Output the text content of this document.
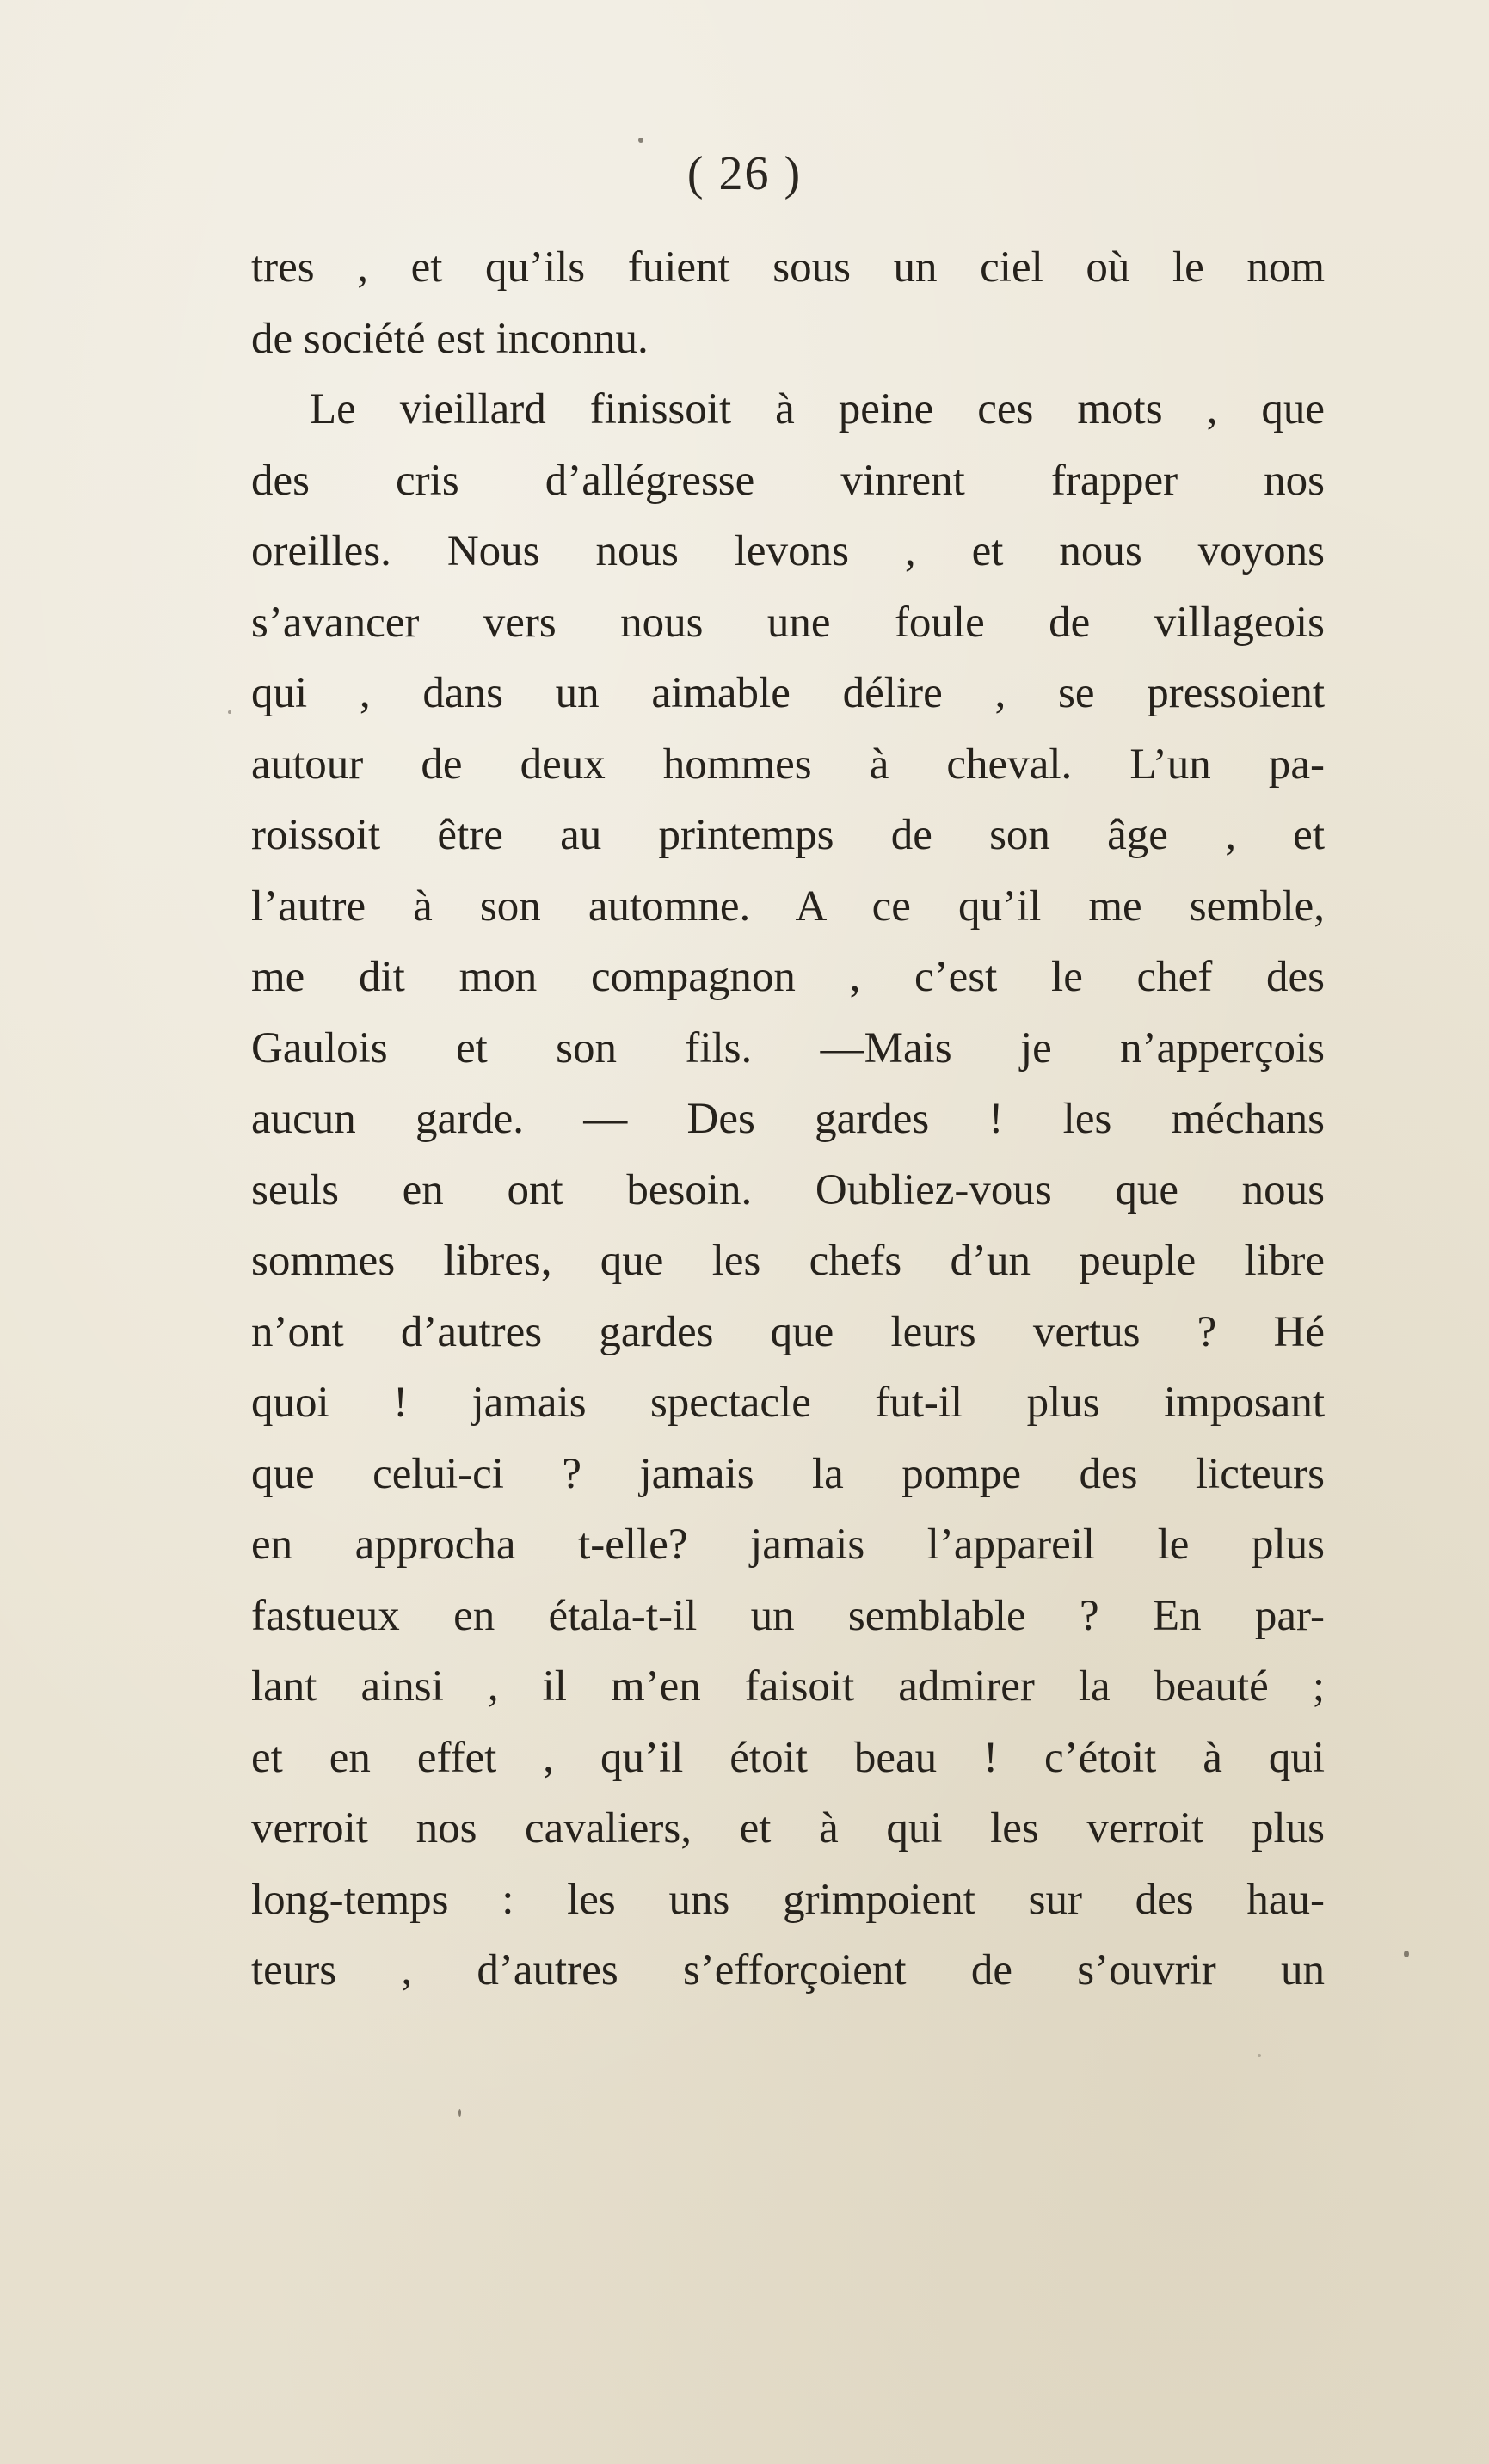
( 26 )
tres , et qu’ils fuient sous un ciel où le nom
de société est inconnu.
Le vieillard finissoit à peine ces mots , que
des cris d’allégresse vinrent frapper nos
oreilles. Nous nous levons , et nous voyons
s’avancer vers nous une foule de villageois
qui , dans un aimable délire , se pressoient
autour de deux hommes à cheval. L’un pa-
roissoit être au printemps de son âge , et
l’autre à son automne. A ce qu’il me semble,
me dit mon compagnon , c’est le chef des
Gaulois et son fils. —Mais je n’apperçois
aucun garde. — Des gardes ! les méchans
seuls en ont besoin. Oubliez-vous que nous
sommes libres, que les chefs d’un peuple libre
n’ont d’autres gardes que leurs vertus ? Hé
quoi ! jamais spectacle fut-il plus imposant
que celui-ci ? jamais la pompe des licteurs
en approcha t-elle? jamais l’appareil le plus
fastueux en étala-t-il un semblable ? En par-
lant ainsi , il m’en faisoit admirer la beauté ;
et en effet , qu’il étoit beau ! c’étoit à qui
verroit nos cavaliers, et à qui les verroit plus
long-temps : les uns grimpoient sur des hau-
teurs , d’autres s’efforçoient de s’ouvrir un
